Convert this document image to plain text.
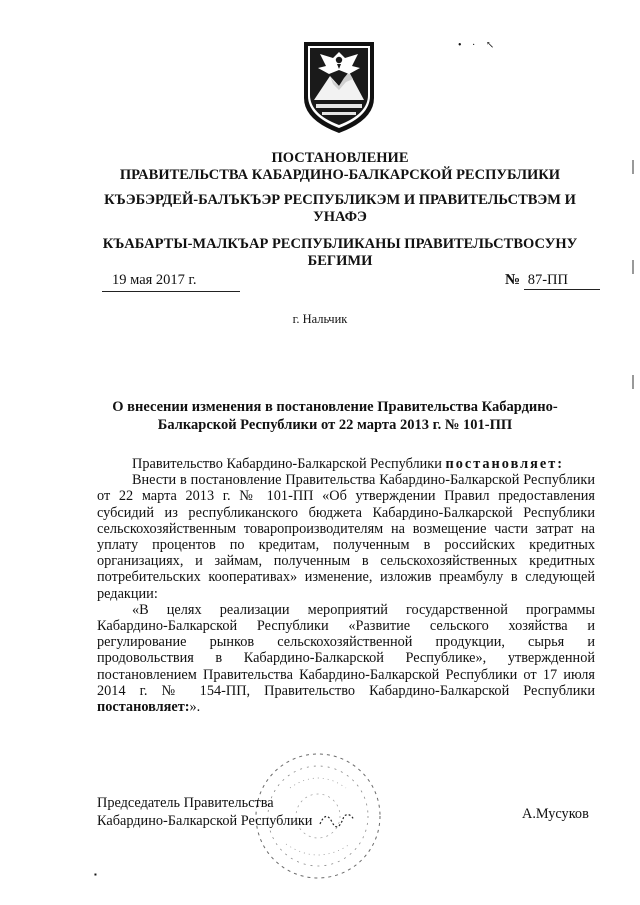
• · ↖
ПОСТАНОВЛЕНИЕ
ПРАВИТЕЛЬСТВА КАБАРДИНО-БАЛКАРСКОЙ РЕСПУБЛИКИ
КЪЭБЭРДЕЙ-БАЛЪКЪЭР РЕСПУБЛИКЭМ И ПРАВИТЕЛЬСТВЭМ И
УНАФЭ
КЪАБАРТЫ-МАЛКЪАР РЕСПУБЛИКАНЫ ПРАВИТЕЛЬСТВОСУНУ
БЕГИМИ
19 мая 2017 г.	№ 87-ПП
г. Нальчик
О внесении изменения в постановление Правительства Кабардино-
Балкарской Республики от 22 марта 2013 г. № 101-ПП

Правительство Кабардино-Балкарской Республики постановляет:

Внести в постановление Правительства Кабардино-Балкарской Республики от 22 марта 2013 г. № 101-ПП «Об утверждении Правил предоставления субсидий из республиканского бюджета Кабардино-Балкарской Республики сельскохозяйственным товаропроизводителям на возмещение части затрат на уплату процентов по кредитам, полученным в российских кредитных организациях, и займам, полученным в сельскохозяйственных кредитных потребительских кооперативах» изменение, изложив преамбулу в следующей редакции:

«В целях реализации мероприятий государственной программы Кабардино-Балкарской Республики «Развитие сельского хозяйства и регулирование рынков сельскохозяйственной продукции, сырья и продовольствия в Кабардино-Балкарской Республике», утвержденной постановлением Правительства Кабардино-Балкарской Республики от 17 июля 2014 г. № 154-ПП, Правительство Кабардино-Балкарской Республики постановляет:».

Председатель Правительства
Кабардино-Балкарской Республики	А.Мусуков
▪
